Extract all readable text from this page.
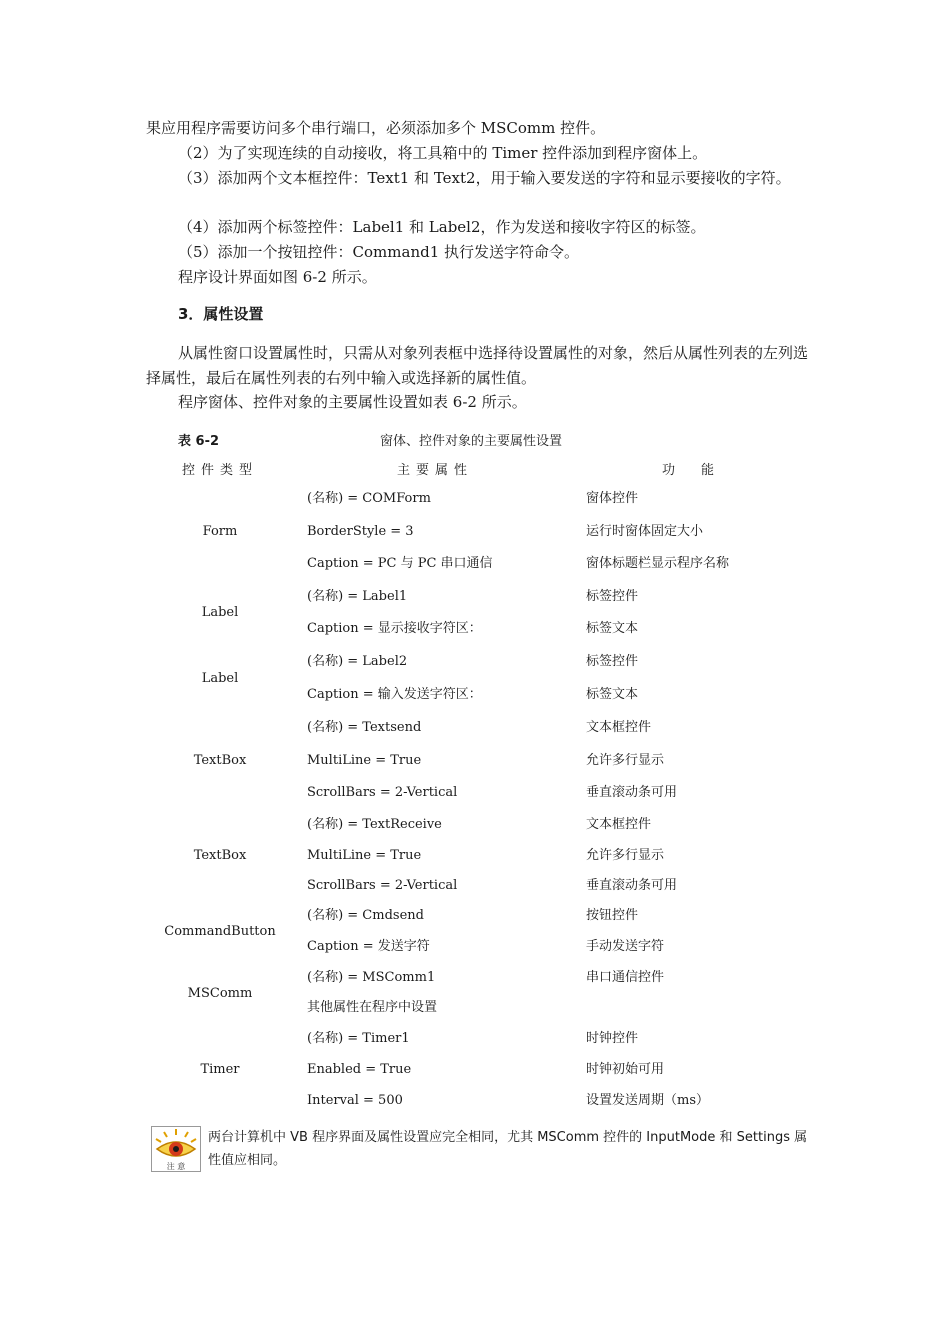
果应用程序需要访问多个串行端口，必须添加多个 MSComm 控件。

（2）为了实现连续的自动接收，将工具箱中的 Timer 控件添加到程序窗体上。

（3）添加两个文本框控件：Text1 和 Text2，用于输入要发送的字符和显示要接收的字符。

（4）添加两个标签控件：Label1 和 Label2，作为发送和接收字符区的标签。

（5）添加一个按钮控件：Command1 执行发送字符命令。

程序设计界面如图 6-2 所示。

3．属性设置

从属性窗口设置属性时，只需从对象列表框中选择待设置属性的对象，然后从属性列表的左列选择属性，最后在属性列表的右列中输入或选择新的属性值。

程序窗体、控件对象的主要属性设置如表 6-2 所示。

表 6-2	窗体、控件对象的主要属性设置
控件类型	主要属性	功　　能
Form
(名称) = COMForm	窗体控件
BorderStyle = 3	运行时窗体固定大小
Caption = PC 与 PC 串口通信	窗体标题栏显示程序名称
Label
(名称) = Label1	标签控件
Caption = 显示接收字符区：	标签文本
Label
(名称) = Label2	标签控件
Caption = 输入发送字符区：	标签文本
TextBox
(名称) = Textsend	文本框控件
MultiLine = True	允许多行显示
ScrollBars = 2-Vertical	垂直滚动条可用
TextBox
(名称) = TextReceive	文本框控件
MultiLine = True	允许多行显示
ScrollBars = 2-Vertical	垂直滚动条可用
CommandButton
(名称) = Cmdsend	按钮控件
Caption = 发送字符	手动发送字符
MSComm
(名称) = MSComm1	串口通信控件
其他属性在程序中设置
Timer
(名称) = Timer1	时钟控件
Enabled = True	时钟初始可用
Interval = 500	设置发送周期（ms）
注 意
两台计算机中 VB 程序界面及属性设置应完全相同，尤其 MSComm 控件的 InputMode 和 Settings 属性值应相同。
